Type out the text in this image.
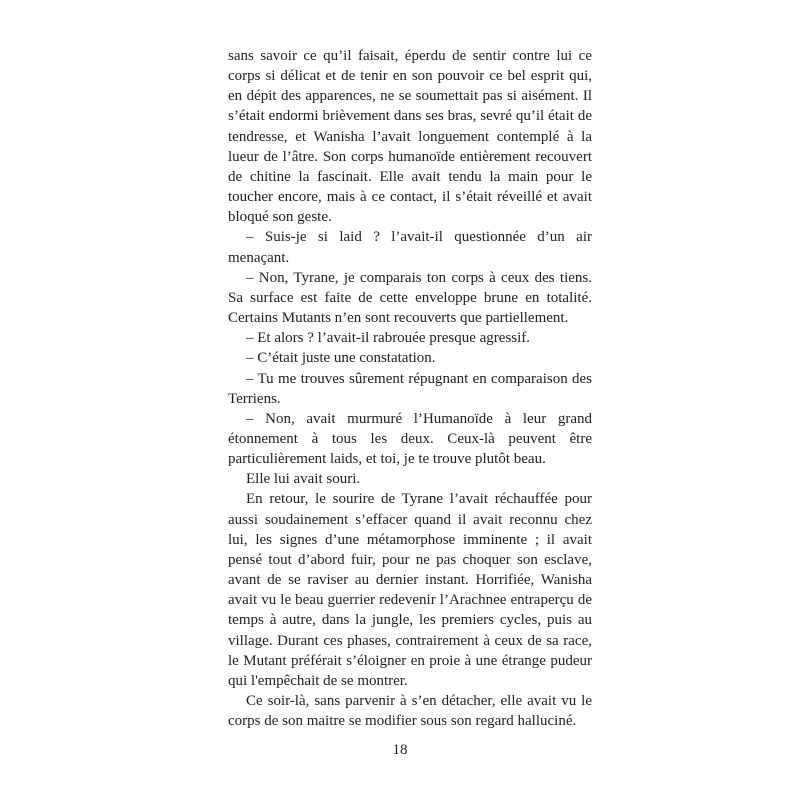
sans savoir ce qu’il faisait, éperdu de sentir contre lui ce corps si délicat et de tenir en son pouvoir ce bel esprit qui, en dépit des apparences, ne se soumettait pas si aisément. Il s’était endormi brièvement dans ses bras, sevré qu’il était de tendresse, et Wanisha l’avait longuement contemplé à la lueur de l’âtre. Son corps humanoïde entièrement recouvert de chitine la fascinait. Elle avait tendu la main pour le toucher encore, mais à ce contact, il s’était réveillé et avait bloqué son geste.

– Suis-je si laid ? l’avait-il questionnée d’un air menaçant.

– Non, Tyrane, je comparais ton corps à ceux des tiens. Sa surface est faite de cette enveloppe brune en totalité. Certains Mutants n’en sont recouverts que partiellement.

– Et alors ? l’avait-il rabrouée presque agressif.

– C’était juste une constatation.

– Tu me trouves sûrement répugnant en comparaison des Terriens.

– Non, avait murmuré l’Humanoïde à leur grand étonnement à tous les deux. Ceux-là peuvent être particulièrement laids, et toi, je te trouve plutôt beau.

Elle lui avait souri.

En retour, le sourire de Tyrane l’avait réchauffée pour aussi soudainement s’effacer quand il avait reconnu chez lui, les signes d’une métamorphose imminente ; il avait pensé tout d’abord fuir, pour ne pas choquer son esclave, avant de se raviser au dernier instant. Horrifiée, Wanisha avait vu le beau guerrier redevenir l’Arachnee entraperçu de temps à autre, dans la jungle, les premiers cycles, puis au village. Durant ces phases, contrairement à ceux de sa race, le Mutant préférait s’éloigner en proie à une étrange pudeur qui l'empêchait de se montrer.

Ce soir-là, sans parvenir à s’en détacher, elle avait vu le corps de son maitre se modifier sous son regard halluciné.

18
